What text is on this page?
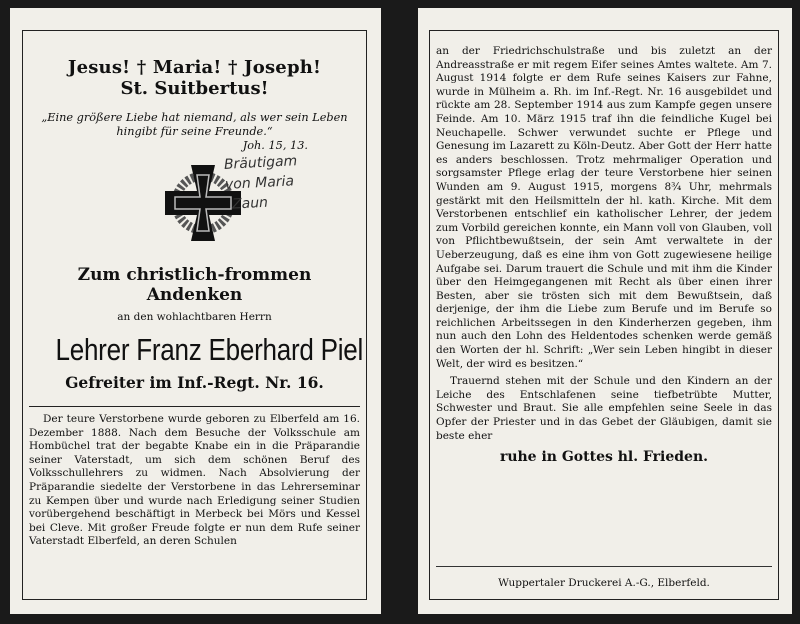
Jesus! † Maria! † Joseph!
St. Suitbertus!
„Eine größere Liebe hat niemand, als wer sein Leben hingibt für seine Freunde.“
Joh. 15, 13.
Bräutigam
von Maria
Zaun
Zum christlich-frommen Andenken
an den wohlachtbaren Herrn
Lehrer Franz Eberhard Piel
Gefreiter im Inf.-Regt. Nr. 16.

Der teure Verstorbene wurde geboren zu Elberfeld am 16. Dezember 1888. Nach dem Besuche der Volksschule am Hombüchel trat der begabte Knabe ein in die Präparandie seiner Vaterstadt, um sich dem schönen Beruf des Volksschullehrers zu widmen. Nach Absolvierung der Präparandie siedelte der Verstorbene in das Lehrerseminar zu Kempen über und wurde nach Erledigung seiner Studien vorübergehend beschäftigt in Merbeck bei Mörs und Kessel bei Cleve. Mit großer Freude folgte er nun dem Rufe seiner Vaterstadt Elberfeld, an deren Schulen

an der Friedrichschulstraße und bis zuletzt an der Andreasstraße er mit regem Eifer seines Amtes waltete. Am 7. August 1914 folgte er dem Rufe seines Kaisers zur Fahne, wurde in Mülheim a. Rh. im Inf.-Regt. Nr. 16 ausgebildet und rückte am 28. September 1914 aus zum Kampfe gegen unsere Feinde. Am 10. März 1915 traf ihn die feindliche Kugel bei Neuchapelle. Schwer verwundet suchte er Pflege und Genesung im Lazarett zu Köln-Deutz. Aber Gott der Herr hatte es anders beschlossen. Trotz mehrmaliger Operation und sorgsamster Pflege erlag der teure Verstorbene hier seinen Wunden am 9. August 1915, morgens 8¾ Uhr, mehrmals gestärkt mit den Heilsmitteln der hl. kath. Kirche. Mit dem Verstorbenen entschlief ein katholischer Lehrer, der jedem zum Vorbild gereichen konnte, ein Mann voll von Glauben, voll von Pflichtbewußtsein, der sein Amt verwaltete in der Ueberzeugung, daß es eine ihm von Gott zugewiesene heilige Aufgabe sei. Darum trauert die Schule und mit ihm die Kinder über den Heimgegangenen mit Recht als über einen ihrer Besten, aber sie trösten sich mit dem Bewußtsein, daß derjenige, der ihm die Liebe zum Berufe und im Berufe so reichlichen Arbeitssegen in den Kinderherzen gegeben, ihm nun auch den Lohn des Heldentodes schenken werde gemäß den Worten der hl. Schrift: „Wer sein Leben hingibt in dieser Welt, der wird es besitzen.“

Trauernd stehen mit der Schule und den Kindern an der Leiche des Entschlafenen seine tiefbetrübte Mutter, Schwester und Braut. Sie alle empfehlen seine Seele in das Opfer der Priester und in das Gebet der Gläubigen, damit sie beste eher

ruhe in Gottes hl. Frieden.
Wuppertaler Druckerei A.-G., Elberfeld.
